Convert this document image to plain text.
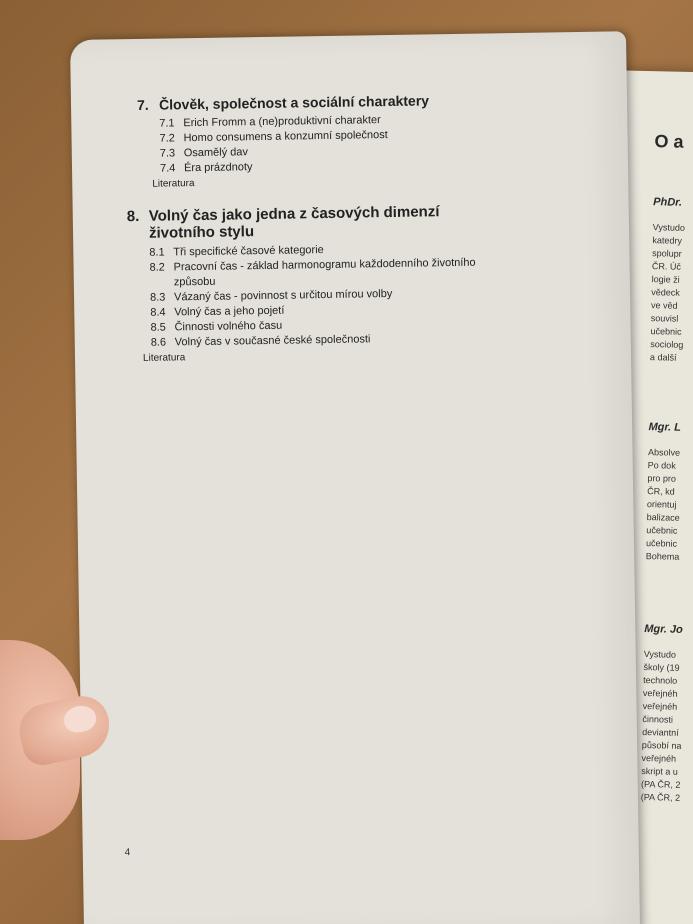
O a
PhDr.
Vystudo
katedry
spolupr
ČR. Úč
logie ži
vědeck
ve věd
souvisl
učebnic
sociolog
a další
Mgr. L
Absolve
Po dok
pro pro
ČR, kd
orientuj
balizace
učebnic
učebnic
Bohema
Mgr. Jo
Vystudo
školy (19
technolo
veřejnéh
veřejnéh
činnosti
deviantní
působí na
veřejnéh
skript a u
(PA ČR, 2
(PA ČR, 2
7. Člověk, společnost a sociální charaktery
7.1 Erich Fromm a (ne)produktivní charakter
7.2 Homo consumens a konzumní společnost
7.3 Osamělý dav
7.4 Éra prázdnoty
Literatura
8. Volný čas jako jedna z časových dimenzí životního stylu
8.1 Tři specifické časové kategorie
8.2 Pracovní čas - základ harmonogramu každodenního životního způsobu
8.3 Vázaný čas - povinnost s určitou mírou volby
8.4 Volný čas a jeho pojetí
8.5 Činnosti volného času
8.6 Volný čas v současné české společnosti
Literatura
4
